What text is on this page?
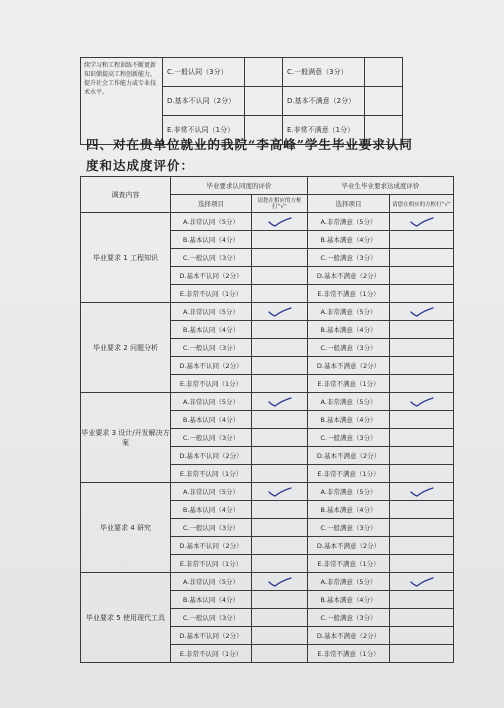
续学习和工程训练不断更新知识储提高工程创新能力，提升社会工作能力或专业技术水平。	C.一般认同（3分）		C.一般满意（3分）	
	D.基本不认同（2分）		D.基本不满意（2分）	
	E.非常不认同（1分）		E.非常不满意（1分）	
四、对在贵单位就业的我院“李高峰”学生毕业要求认同度和达成度评价：
调查内容	毕业要求认同度的评价		毕业生毕业要求达成度评价	
	选择项目	请您在相应的方框打“√”	选择项目	请您在相应的方框打“√”
毕业要求 1 工程知识	A.非常认同（5分）		A.非常满意（5分）	

	B.基本认同（4分）		B.基本满意（4分）	
	C.一般认同（3分）		C.一般满意（3分）	
	D.基本不认同（2分）		D.基本不满意（2分）	
	E.非常不认同（1分）		E.非常不满意（1分）	
毕业要求 2 问题分析	A.非常认同（5分）		A.非常满意（5分）	

	B.基本认同（4分）		B.基本满意（4分）	
	C.一般认同（3分）		C.一般满意（3分）	
	D.基本不认同（2分）		D.基本不满意（2分）	
	E.非常不认同（1分）		E.非常不满意（1分）	
毕业要求 3 设计/开发解决方案	A.非常认同（5分）		A.非常满意（5分）	

	B.基本认同（4分）		B.基本满意（4分）	
	C.一般认同（3分）		C.一般满意（3分）	
	D.基本不认同（2分）		D.基本不满意（2分）	
	E.非常不认同（1分）		E.非常不满意（1分）	
毕业要求 4 研究	A.非常认同（5分）		A.非常满意（5分）	

	B.基本认同（4分）		B.基本满意（4分）	
	C.一般认同（3分）		C.一般满意（3分）	
	D.基本不认同（2分）		D.基本不满意（2分）	
	E.非常不认同（1分）		E.非常不满意（1分）	
毕业要求 5 使用现代工具	A.非常认同（5分）		A.非常满意（5分）	

	B.基本认同（4分）		B.基本满意（4分）	
	C.一般认同（3分）		C.一般满意（3分）	
	D.基本不认同（2分）		D.基本不满意（2分）	
	E.非常不认同（1分）		E.非常不满意（1分）	
